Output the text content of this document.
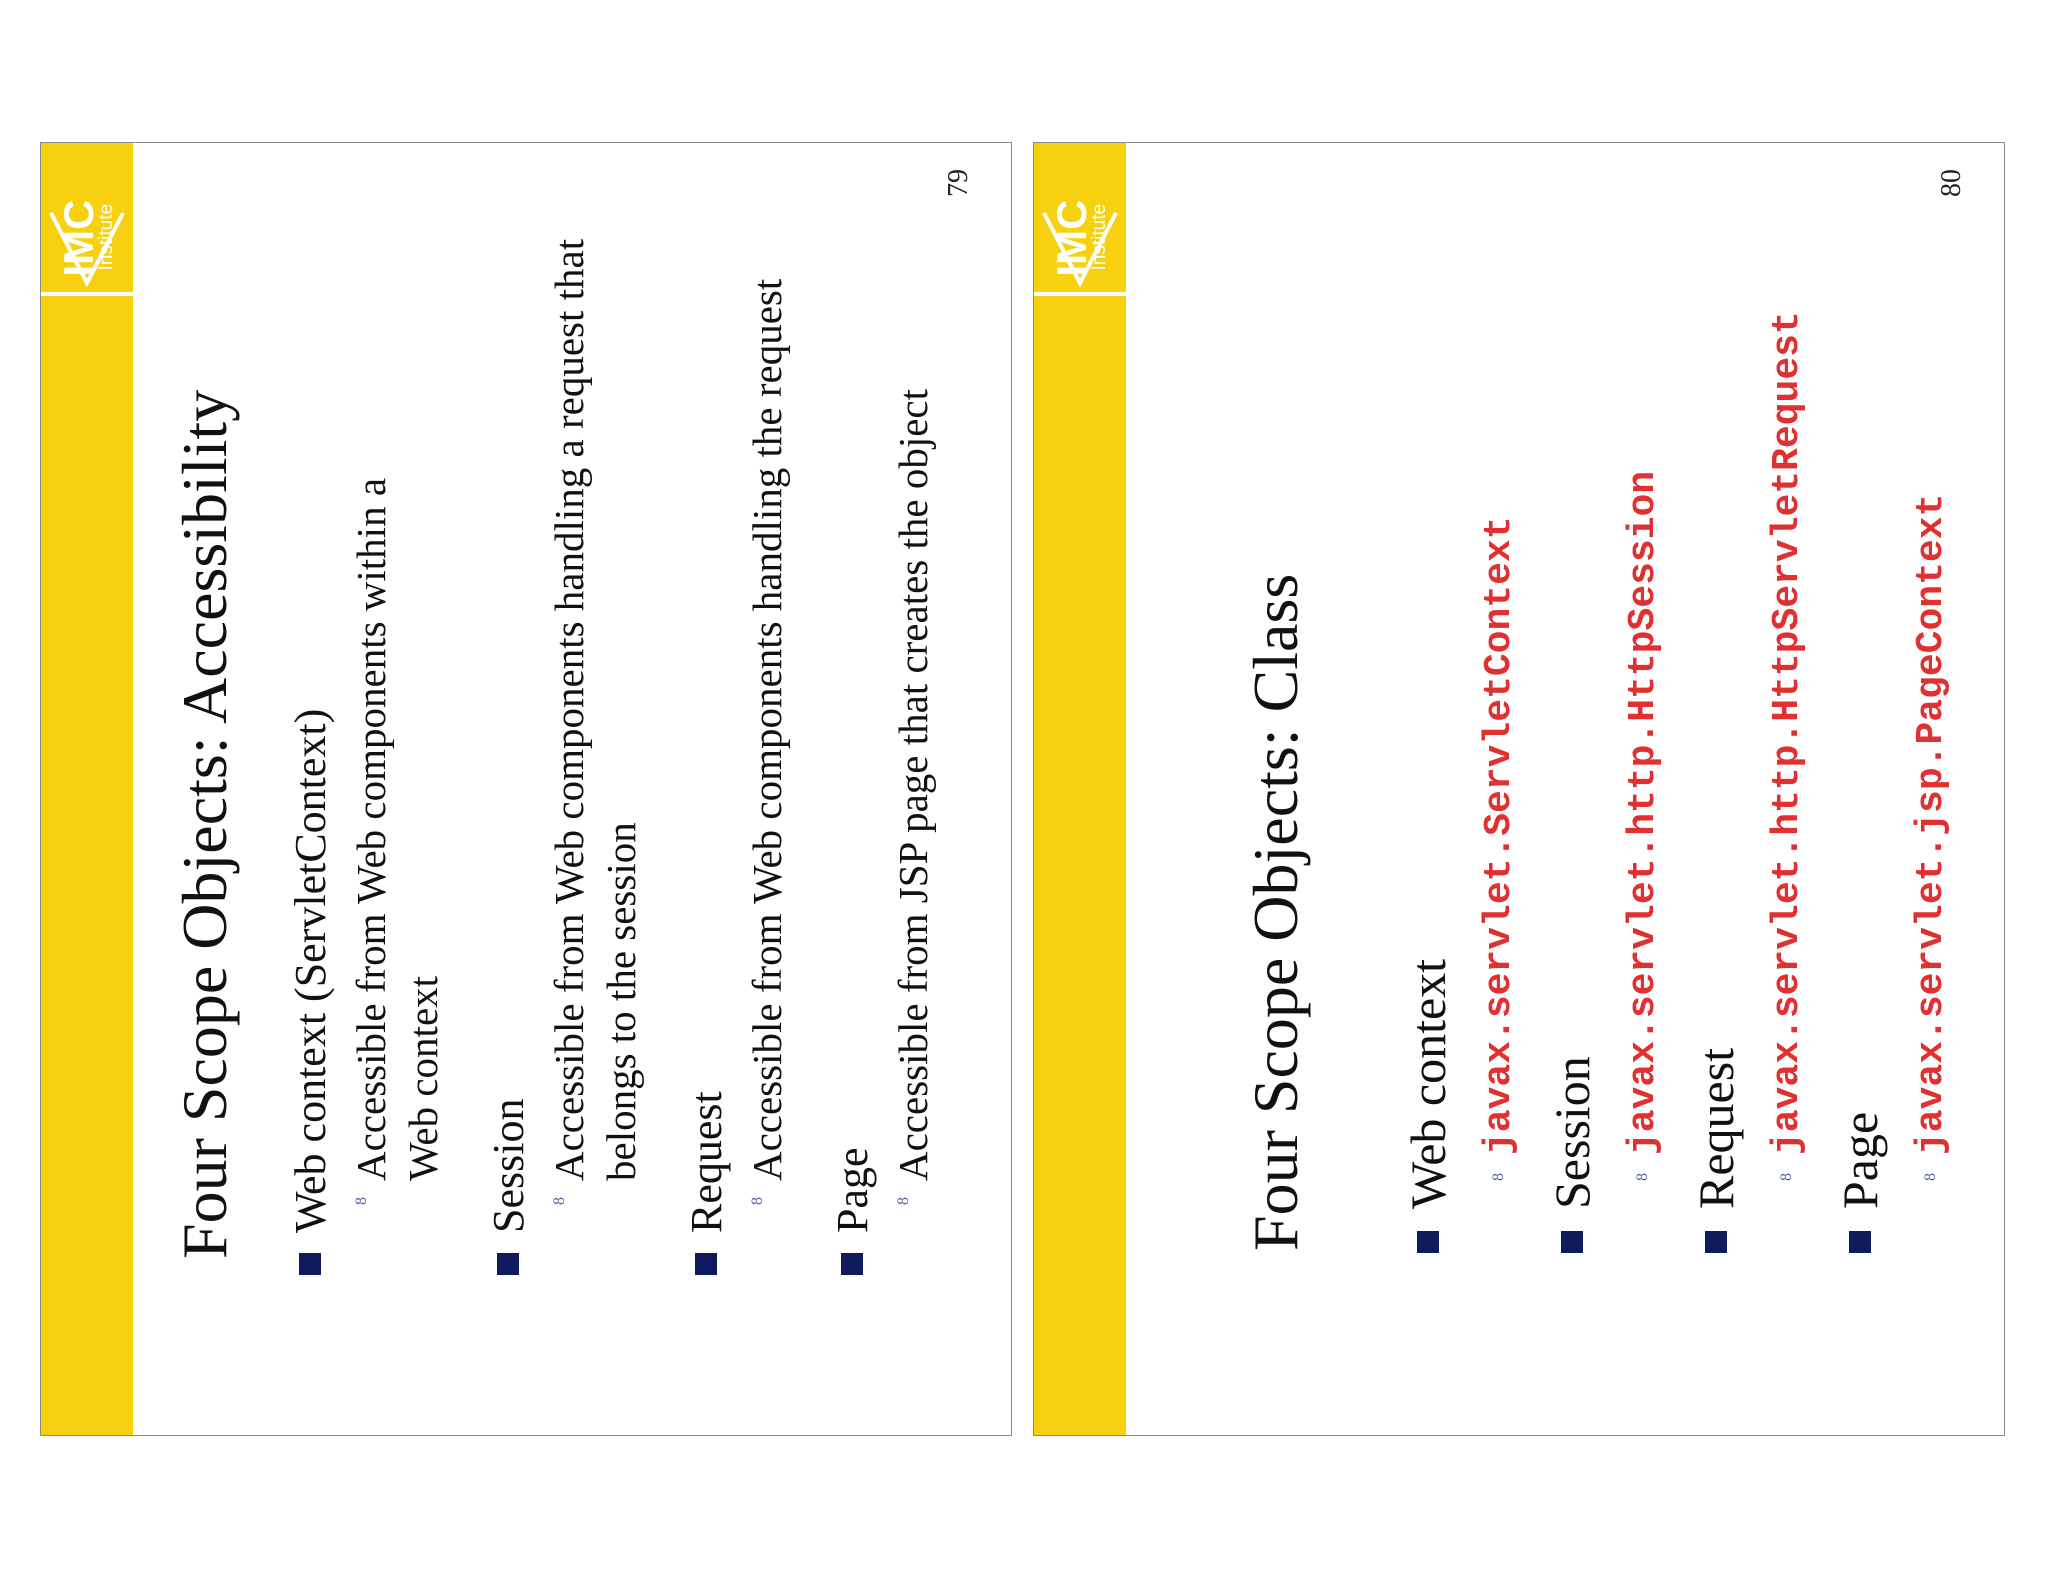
IMC
Institute
Four Scope Objects: Accessibility Web context (ServletContext) 8
Accessible from Web components within a Web context Session 8
Accessible from Web components handling a request that belongs to the session Request 8
Accessible from Web components handling the request
Page 8
Accessible from JSP page that creates the object
79
IMC
Institute
Four Scope Objects: Class Web context 8
javax.servlet.ServletContext Session 8
javax.servlet.http.HttpSession Request 8
javax.servlet.http.HttpServletRequest
Page 8
javax.servlet.jsp.PageContext
80
